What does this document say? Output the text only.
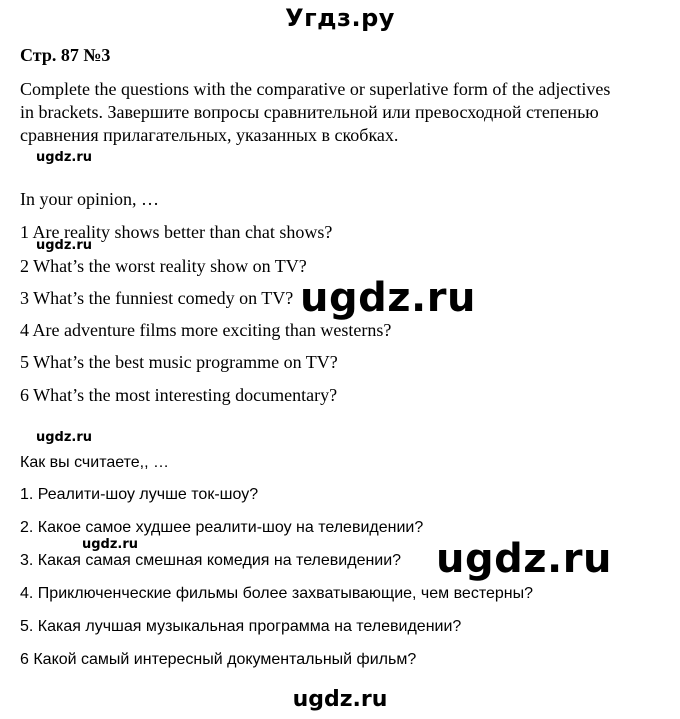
Угдз.ру
Стр. 87 №3
Complete the questions with the comparative or superlative form of the adjectives
in brackets. Завершите вопросы сравнительной или превосходной степенью
сравнения прилагательных, указанных в скобках.
ugdz.ru
In your opinion, …
1 Are reality shows better than chat shows?
ugdz.ru
2 What’s the worst reality show on TV?
3 What’s the funniest comedy on TV? ugdz.ru
4 Are adventure films more exciting than westerns?
5 What’s the best music programme on TV?
6 What’s the most interesting documentary?
ugdz.ru
Как вы считаете,, …
1. Реалити-шоу лучше ток-шоу?
2. Какое самое худшее реалити-шоу на телевидении?
ugdz.ru
3. Какая самая смешная комедия на телевидении? ugdz.ru
4. Приключенческие фильмы более захватывающие, чем вестерны?
5. Какая лучшая музыкальная программа на телевидении?
6 Какой самый интересный документальный фильм?
ugdz.ru
